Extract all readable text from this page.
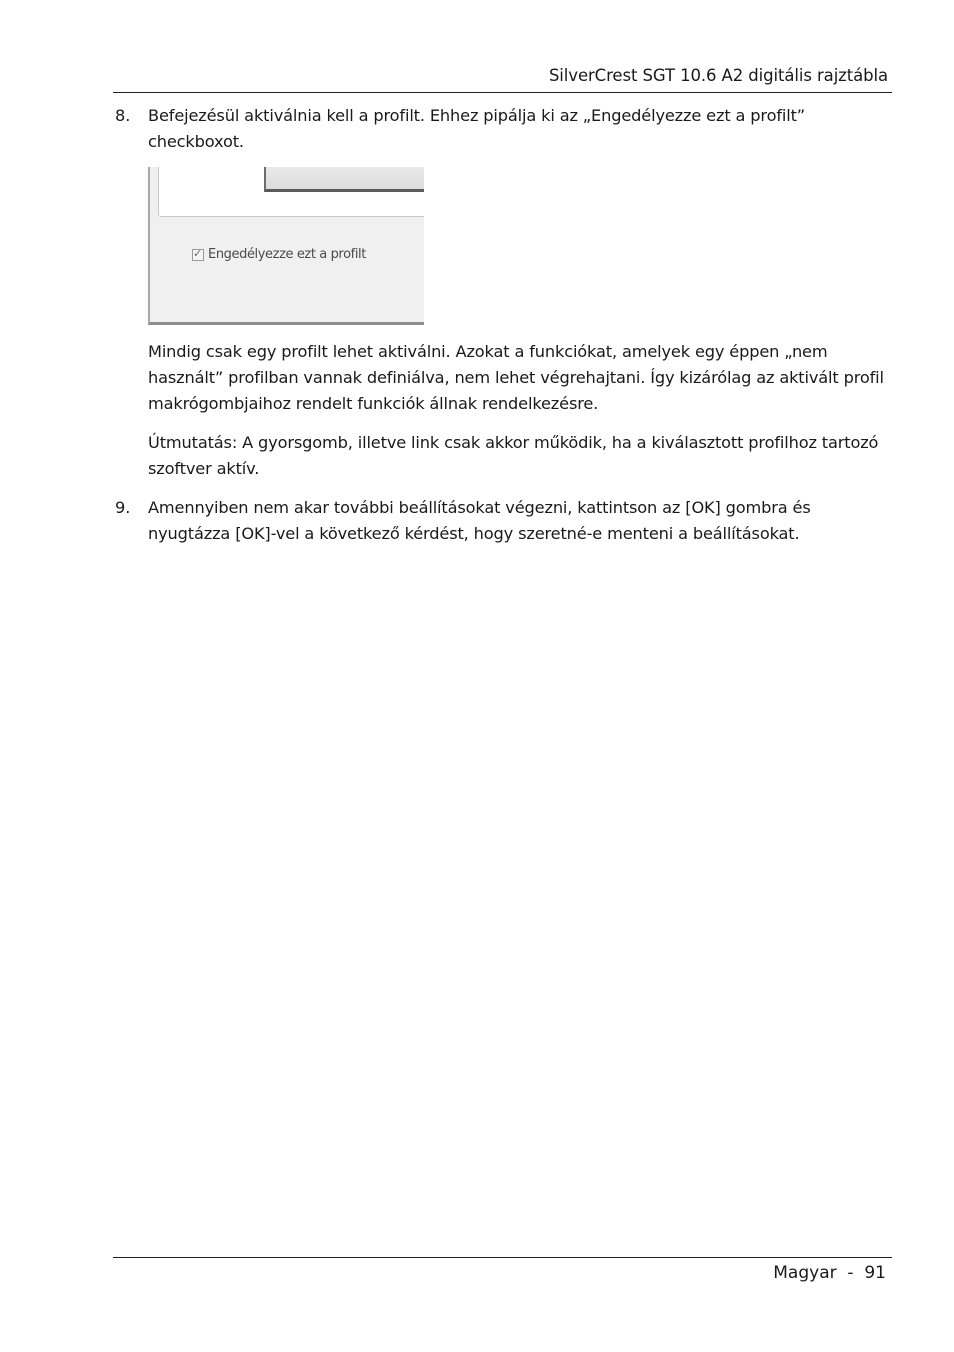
SilverCrest SGT 10.6 A2 digitális rajztábla
8. Befejezésül aktiválnia kell a profilt. Ehhez pipálja ki az „Engedélyezze ezt a profilt” checkboxot.
✓ Engedélyezze ezt a profilt
Mindig csak egy profilt lehet aktiválni. Azokat a funkciókat, amelyek egy éppen „nem használt” profilban vannak definiálva, nem lehet végrehajtani. Így kizárólag az aktivált profil makrógombjaihoz rendelt funkciók állnak rendelkezésre.
Útmutatás: A gyorsgomb, illetve link csak akkor működik, ha a kiválasztott profilhoz tartozó szoftver aktív.
9. Amennyiben nem akar további beállításokat végezni, kattintson az [OK] gombra és nyugtázza [OK]-vel a következő kérdést, hogy szeretné-e menteni a beállításokat.
Magyar  -  91
